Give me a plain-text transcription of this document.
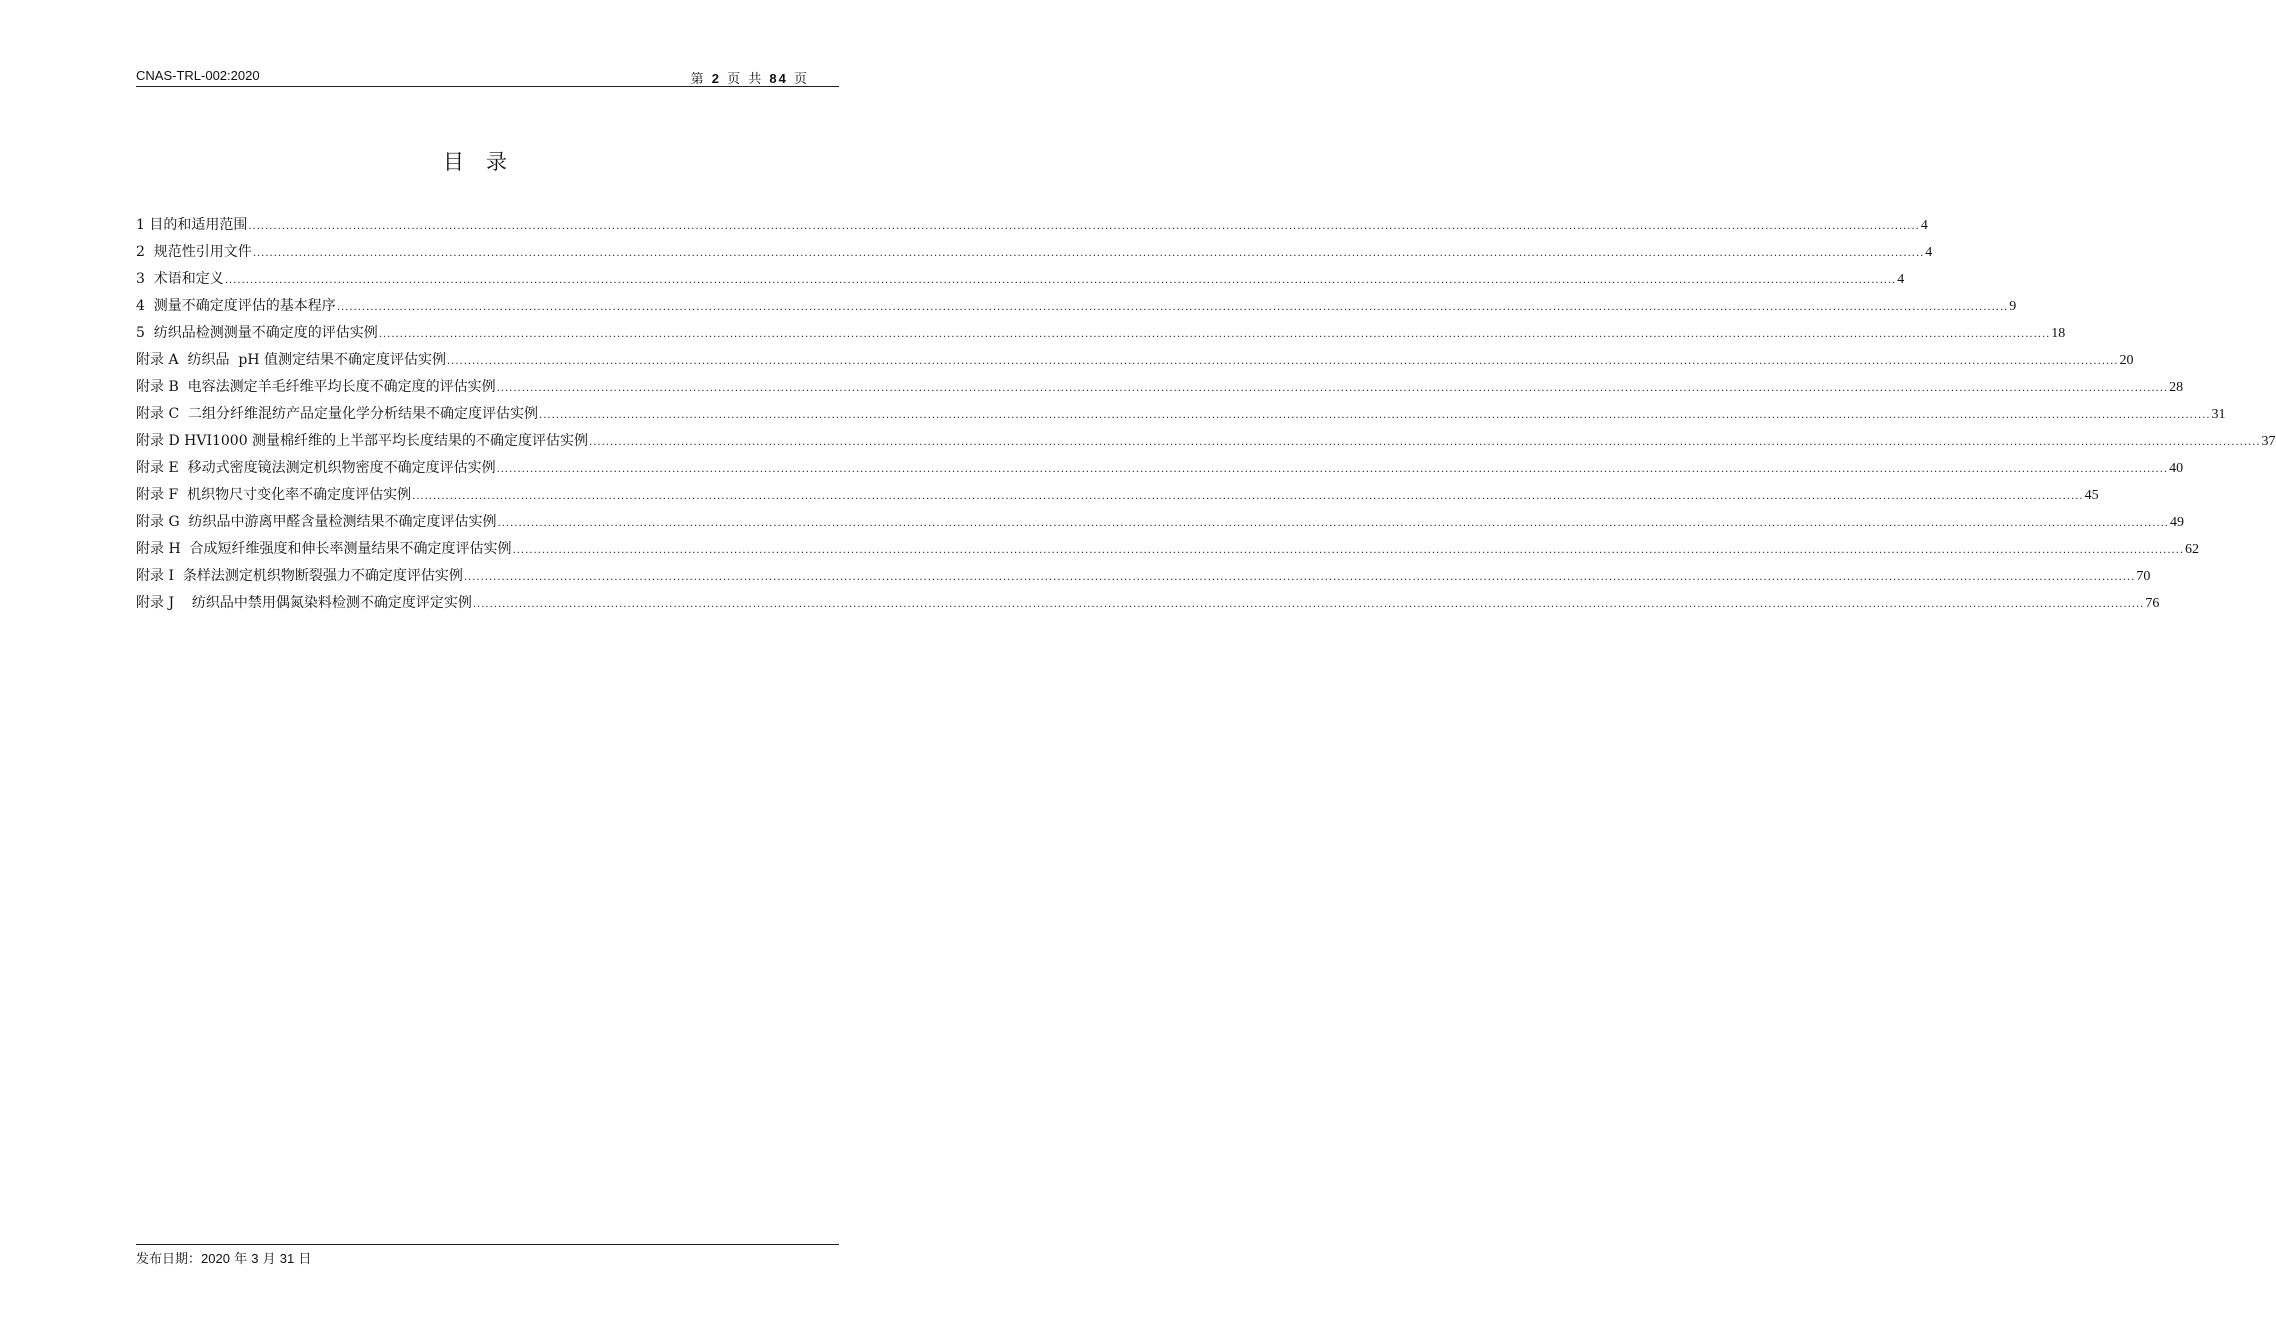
CNAS-TRL-002:2020	第 2 页 共 84 页
目录
1 目的和适用范围 ................................................................................................................................................................................................................................................................................................................................................................................................................ 4
2  规范性引用文件 ................................................................................................................................................................................................................................................................................................................................................................................................................ 4
3  术语和定义 ................................................................................................................................................................................................................................................................................................................................................................................................................ 4
4  测量不确定度评估的基本程序 ................................................................................................................................................................................................................................................................................................................................................................................................................ 9
5  纺织品检测测量不确定度的评估实例 ................................................................................................................................................................................................................................................................................................................................................................................................................ 18
附录 A  纺织品  pH 值测定结果不确定度评估实例 ................................................................................................................................................................................................................................................................................................................................................................................................................ 20
附录 B  电容法测定羊毛纤维平均长度不确定度的评估实例 ................................................................................................................................................................................................................................................................................................................................................................................................................ 28
附录 C  二组分纤维混纺产品定量化学分析结果不确定度评估实例 ................................................................................................................................................................................................................................................................................................................................................................................................................ 31
附录 D HVI1000 测量棉纤维的上半部平均长度结果的不确定度评估实例 ................................................................................................................................................................................................................................................................................................................................................................................................................ 37
附录 E  移动式密度镜法测定机织物密度不确定度评估实例 ................................................................................................................................................................................................................................................................................................................................................................................................................ 40
附录 F  机织物尺寸变化率不确定度评估实例 ................................................................................................................................................................................................................................................................................................................................................................................................................ 45
附录 G  纺织品中游离甲醛含量检测结果不确定度评估实例 ................................................................................................................................................................................................................................................................................................................................................................................................................ 49
附录 H  合成短纤维强度和伸长率测量结果不确定度评估实例 ................................................................................................................................................................................................................................................................................................................................................................................................................ 62
附录 I  条样法测定机织物断裂强力不确定度评估实例 ................................................................................................................................................................................................................................................................................................................................................................................................................ 70
附录 J    纺织品中禁用偶氮染料检测不确定度评定实例 ................................................................................................................................................................................................................................................................................................................................................................................................................ 76
发布日期：2020 年 3 月 31 日
